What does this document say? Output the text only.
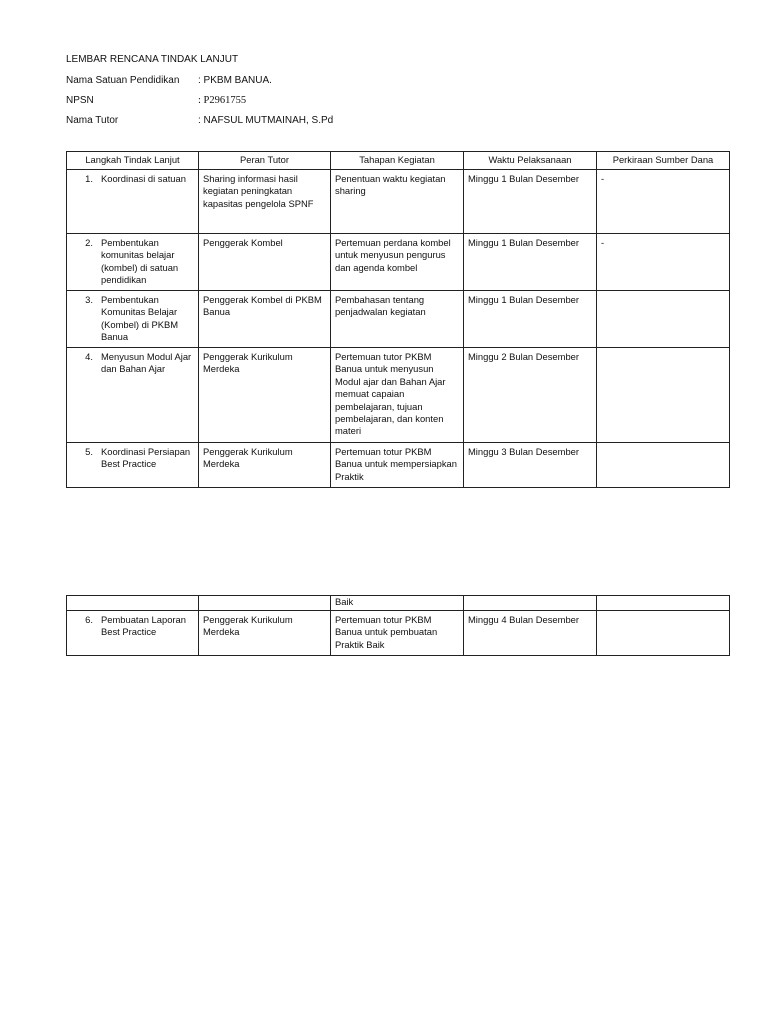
LEMBAR RENCANA TINDAK LANJUT
Nama Satuan Pendidikan : PKBM BANUA.
NPSN	: P2961755
Nama Tutor	: NAFSUL MUTMAINAH, S.Pd
Langkah Tindak Lanjut	Peran Tutor	Tahapan Kegiatan	Waktu Pelaksanaan	Perkiraan Sumber Dana

1. Koordinasi di satuan	Sharing informasi hasil kegiatan peningkatan kapasitas pengelola SPNF	Penentuan waktu kegiatan sharing	Minggu 1 Bulan Desember	-

2. Pembentukan komunitas belajar (kombel) di satuan pendidikan	Penggerak Kombel	Pertemuan perdana kombel untuk menyusun pengurus dan agenda kombel	Minggu 1 Bulan Desember	-

3. Pembentukan Komunitas Belajar (Kombel) di PKBM Banua	Penggerak Kombel di PKBM Banua	Pembahasan tentang penjadwalan kegiatan	Minggu 1 Bulan Desember	

4. Menyusun Modul Ajar dan Bahan Ajar	Penggerak Kurikulum Merdeka	Pertemuan tutor PKBM Banua untuk menyusun Modul ajar dan Bahan Ajar memuat capaian pembelajaran, tujuan pembelajaran, dan konten materi	Minggu 2 Bulan Desember	

5. Koordinasi Persiapan Best Practice	Penggerak Kurikulum Merdeka	Pertemuan totur PKBM Banua untuk mempersiapkan Praktik	Minggu 3 Bulan Desember	
		Baik		

6. Pembuatan Laporan Best Practice	Penggerak Kurikulum Merdeka	Pertemuan totur PKBM Banua untuk pembuatan Praktik Baik	Minggu 4 Bulan Desember	
